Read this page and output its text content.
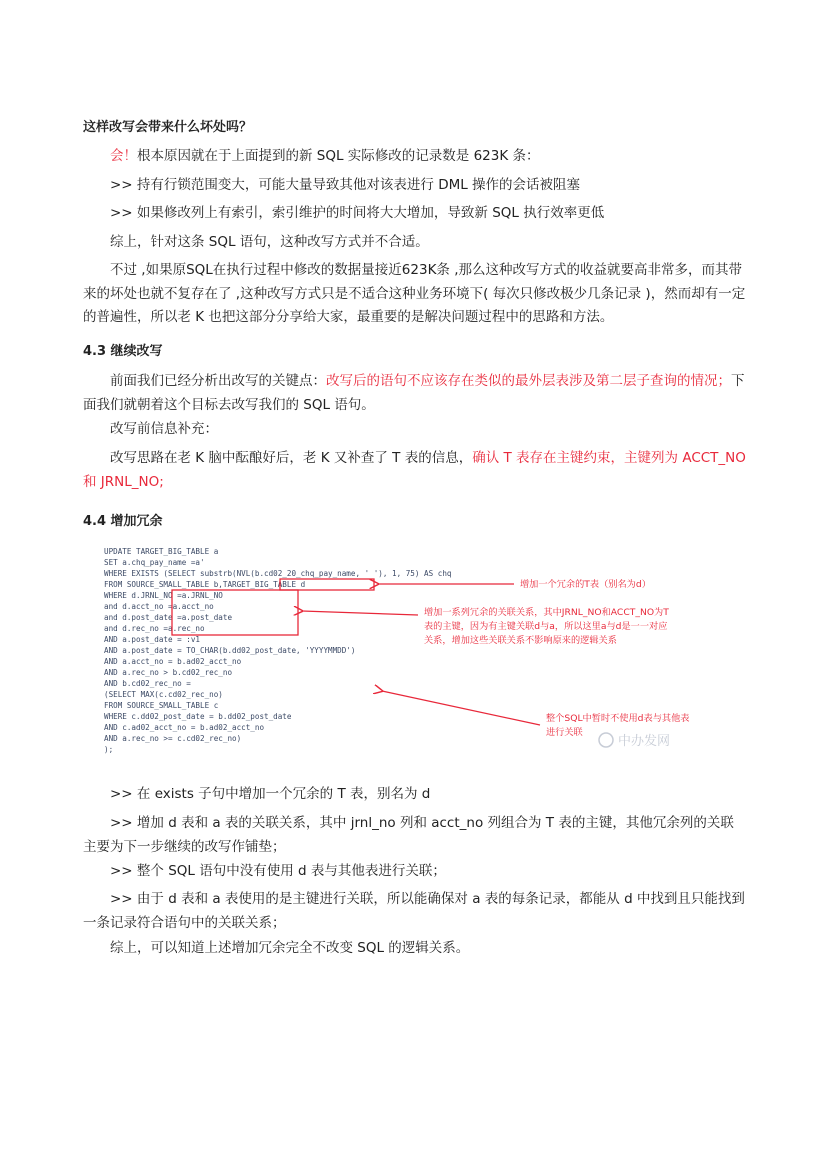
这样改写会带来什么坏处吗？
会！根本原因就在于上面提到的新 SQL 实际修改的记录数是 623K 条：
>> 持有行锁范围变大，可能大量导致其他对该表进行 DML 操作的会话被阻塞
>> 如果修改列上有索引，索引维护的时间将大大增加，导致新 SQL 执行效率更低
综上，针对这条 SQL 语句，这种改写方式并不合适。
不过 ,如果原SQL在执行过程中修改的数据量接近623K条 ,那么这种改写方式的收益就要高非常多，而其带来的坏处也就不复存在了 ,这种改写方式只是不适合这种业务环境下( 每次只修改极少几条记录 )，然而却有一定的普遍性，所以老 K 也把这部分分享给大家，最重要的是解决问题过程中的思路和方法。
4.3 继续改写
前面我们已经分析出改写的关键点：改写后的语句不应该存在类似的最外层表涉及第二层子查询的情况；下面我们就朝着这个目标去改写我们的 SQL 语句。
改写前信息补充：
改写思路在老 K 脑中酝酿好后，老 K 又补查了 T 表的信息，确认 T 表存在主键约束，主键列为 ACCT_NO 和 JRNL_NO;
4.4 增加冗余
UPDATE TARGET_BIG_TABLE a
SET a.chq_pay_name =a'
WHERE EXISTS (SELECT substrb(NVL(b.cd02_20_chq_pay_name, ' '), 1, 75) AS chq
FROM SOURCE_SMALL_TABLE b,TARGET_BIG_TABLE d
WHERE d.JRNL_NO =a.JRNL_NO
and d.acct_no =a.acct_no
and d.post_date =a.post_date
and d.rec_no =a.rec_no
AND a.post_date = :v1
AND a.post_date = TO_CHAR(b.dd02_post_date, 'YYYYMMDD')
AND a.acct_no = b.ad02_acct_no
AND a.rec_no > b.cd02_rec_no
AND b.cd02_rec_no =
(SELECT MAX(c.cd02_rec_no)
FROM SOURCE_SMALL_TABLE c
WHERE c.dd02_post_date = b.dd02_post_date
AND c.ad02_acct_no = b.ad02_acct_no
AND a.rec_no >= c.cd02_rec_no)
);
增加一个冗余的T表（别名为d）
增加一系列冗余的关联关系，其中JRNL_NO和ACCT_NO为T
表的主键，因为有主键关联d与a，所以这里a与d是一一对应
关系，增加这些关联关系不影响原来的逻辑关系
整个SQL中暂时不使用d表与其他表
进行关联
中办发网
>> 在 exists 子句中增加一个冗余的 T 表，别名为 d
>> 增加 d 表和 a 表的关联关系，其中 jrnl_no 列和 acct_no 列组合为 T 表的主键，其他冗余列的关联主要为下一步继续的改写作铺垫；
>> 整个 SQL 语句中没有使用 d 表与其他表进行关联；
>> 由于 d 表和 a 表使用的是主键进行关联，所以能确保对 a 表的每条记录，都能从 d 中找到且只能找到一条记录符合语句中的关联关系；
综上，可以知道上述增加冗余完全不改变 SQL 的逻辑关系。
